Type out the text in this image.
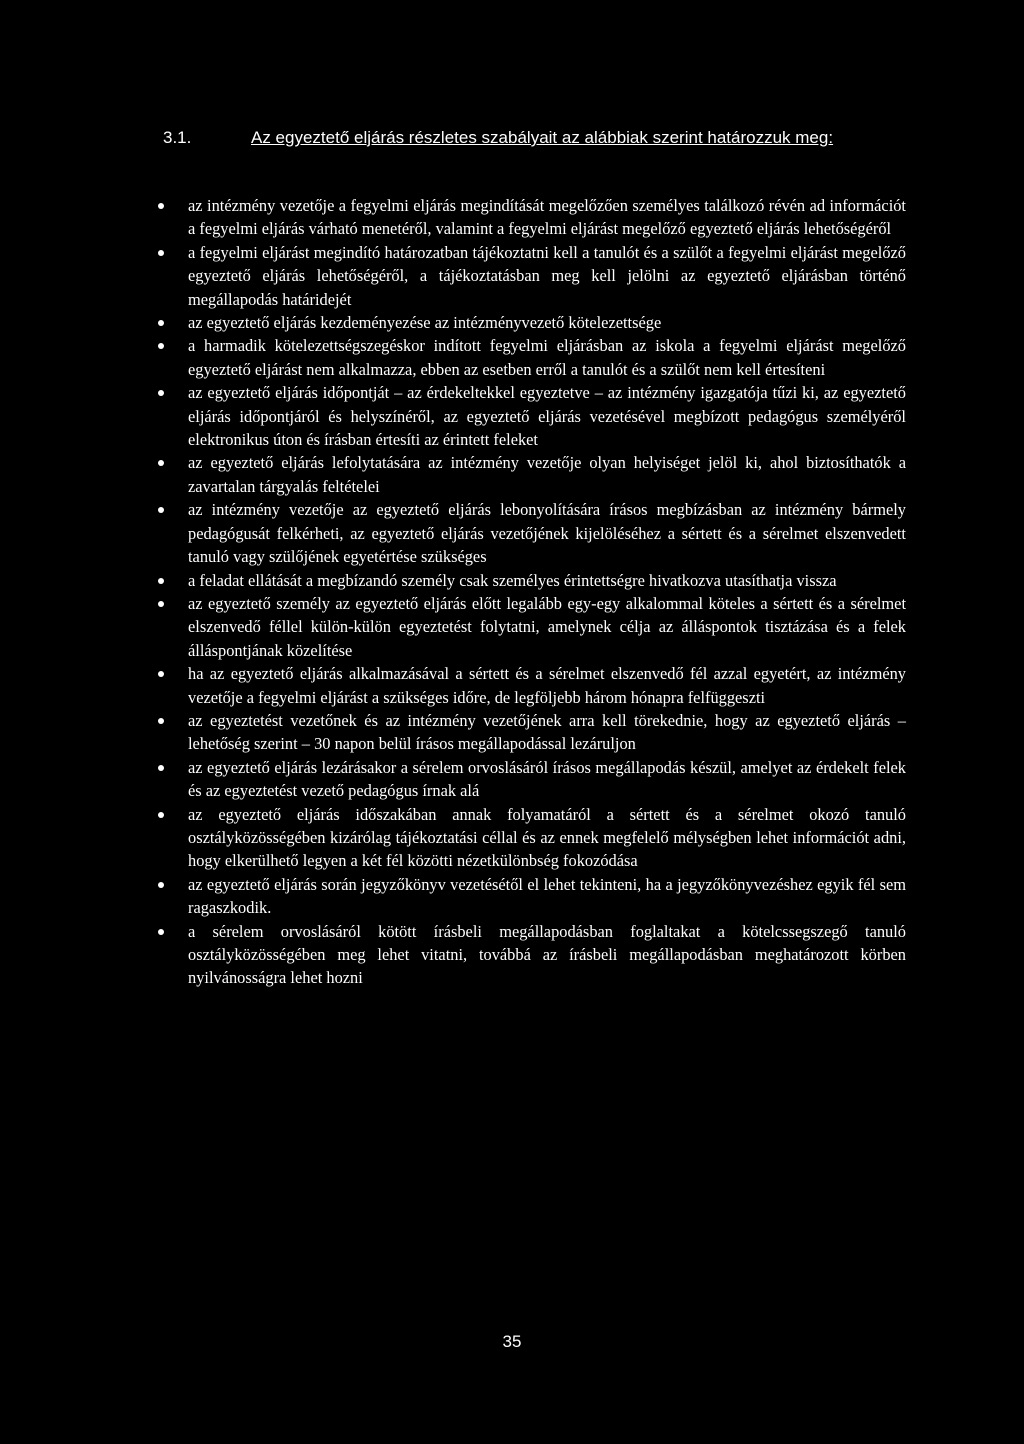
3.1.	Az egyeztető eljárás részletes szabályait az alábbiak szerint határozzuk meg:
az intézmény vezetője a fegyelmi eljárás megindítását megelőzően személyes találkozó révén ad információt a fegyelmi eljárás várható menetéről, valamint a fegyelmi eljárást megelőző egyeztető eljárás lehetőségéről
a fegyelmi eljárást megindító határozatban tájékoztatni kell a tanulót és a szülőt a fegyelmi eljárást megelőző egyeztető eljárás lehetőségéről, a tájékoztatásban meg kell jelölni az egyeztető eljárásban történő megállapodás határidejét
az egyeztető eljárás kezdeményezése az intézményvezető kötelezettsége
a harmadik kötelezettségszegéskor indított fegyelmi eljárásban az iskola a fegyelmi eljárást megelőző egyeztető eljárást nem alkalmazza, ebben az esetben erről a tanulót és a szülőt nem kell értesíteni
az egyeztető eljárás időpontját – az érdekeltekkel egyeztetve – az intézmény igazgatója tűzi ki, az egyeztető eljárás időpontjáról és helyszínéről, az egyeztető eljárás vezetésével megbízott pedagógus személyéről elektronikus úton és írásban értesíti az érintett feleket
az egyeztető eljárás lefolytatására az intézmény vezetője olyan helyiséget jelöl ki, ahol biztosíthatók a zavartalan tárgyalás feltételei
az intézmény vezetője az egyeztető eljárás lebonyolítására írásos megbízásban az intézmény bármely pedagógusát felkérheti, az egyeztető eljárás vezetőjének kijelöléséhez a sértett és a sérelmet elszenvedett tanuló vagy szülőjének egyetértése szükséges
a feladat ellátását a megbízandó személy csak személyes érintettségre hivatkozva utasíthatja vissza
az egyeztető személy az egyeztető eljárás előtt legalább egy-egy alkalommal köteles a sértett és a sérelmet elszenvedő féllel külön-külön egyeztetést folytatni, amelynek célja az álláspontok tisztázása és a felek álláspontjának közelítése
ha az egyeztető eljárás alkalmazásával a sértett és a sérelmet elszenvedő fél azzal egyetért, az intézmény vezetője a fegyelmi eljárást a szükséges időre, de legföljebb három hónapra felfüggeszti
az egyeztetést vezetőnek és az intézmény vezetőjének arra kell törekednie, hogy az egyeztető eljárás – lehetőség szerint – 30 napon belül írásos megállapodással lezáruljon
az egyeztető eljárás lezárásakor a sérelem orvoslásáról írásos megállapodás készül, amelyet az érdekelt felek és az egyeztetést vezető pedagógus írnak alá
az egyeztető eljárás időszakában annak folyamatáról a sértett és a sérelmet okozó tanuló osztályközösségében kizárólag tájékoztatási céllal és az ennek megfelelő mélységben lehet információt adni, hogy elkerülhető legyen a két fél közötti nézetkülönbség fokozódása
az egyeztető eljárás során jegyzőkönyv vezetésétől el lehet tekinteni, ha a jegyzőkönyvezéshez egyik fél sem ragaszkodik.
a sérelem orvoslásáról kötött írásbeli megállapodásban foglaltakat a kötelcssegszegő tanuló osztályközösségében meg lehet vitatni, továbbá az írásbeli megállapodásban meghatározott körben nyilvánosságra lehet hozni
35
